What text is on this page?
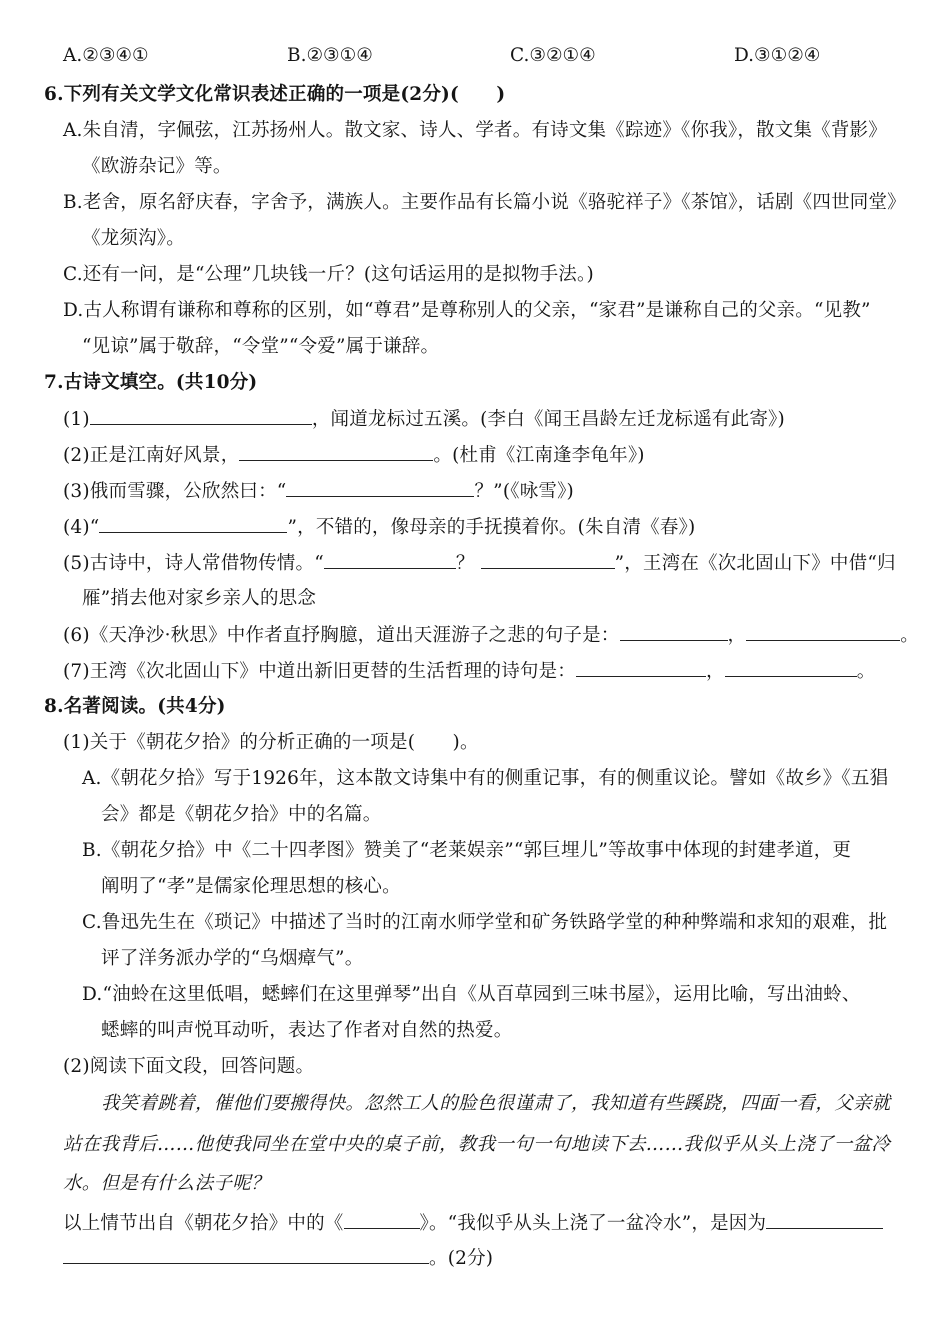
A.②③④①	B.②③①④	C.③②①④	D.③①②④
6.下列有关文学文化常识表述正确的一项是(2分)(　　)
A.朱自清，字佩弦，江苏扬州人。散文家、诗人、学者。有诗文集《踪迹》《你我》，散文集《背影》
《欧游杂记》等。
B.老舍，原名舒庆春，字舍予，满族人。主要作品有长篇小说《骆驼祥子》《茶馆》，话剧《四世同堂》
《龙须沟》。
C.还有一问，是“公理”几块钱一斤？(这句话运用的是拟物手法。)
D.古人称谓有谦称和尊称的区别，如“尊君”是尊称别人的父亲，“家君”是谦称自己的父亲。“见教”
“见谅”属于敬辞，“令堂”“令爱”属于谦辞。
7.古诗文填空。(共10分)
(1)	，闻道龙标过五溪。(李白《闻王昌龄左迁龙标遥有此寄》)
(2)正是江南好风景，	。(杜甫《江南逢李龟年》)
(3)俄而雪骤，公欣然曰：“	？”(《咏雪》)
(4)“	”，不错的，像母亲的手抚摸着你。(朱自清《春》)
(5)古诗中，诗人常借物传情。“	？	”，王湾在《次北固山下》中借“归
雁”捎去他对家乡亲人的思念
(6)《天净沙·秋思》中作者直抒胸臆，道出天涯游子之悲的句子是：	，	。
(7)王湾《次北固山下》中道出新旧更替的生活哲理的诗句是：	，	。
8.名著阅读。(共4分)
(1)关于《朝花夕拾》的分析正确的一项是(　　)。
A.《朝花夕拾》写于1926年，这本散文诗集中有的侧重记事，有的侧重议论。譬如《故乡》《五猖
会》都是《朝花夕拾》中的名篇。
B.《朝花夕拾》中《二十四孝图》赞美了“老莱娱亲”“郭巨埋儿”等故事中体现的封建孝道，更
阐明了“孝”是儒家伦理思想的核心。
C.鲁迅先生在《琐记》中描述了当时的江南水师学堂和矿务铁路学堂的种种弊端和求知的艰难，批
评了洋务派办学的“乌烟瘴气”。
D.“油蛉在这里低唱，蟋蟀们在这里弹琴”出自《从百草园到三味书屋》，运用比喻，写出油蛉、
蟋蟀的叫声悦耳动听，表达了作者对自然的热爱。
(2)阅读下面文段，回答问题。
我笑着跳着，催他们要搬得快。忽然工人的脸色很谨肃了，我知道有些蹊跷，四面一看，父亲就
站在我背后……他使我同坐在堂中央的桌子前，教我一句一句地读下去……我似乎从头上浇了一盆冷
水。但是有什么法子呢？
以上情节出自《朝花夕拾》中的《	》。“我似乎从头上浇了一盆冷水”，是因为
。(2分)
